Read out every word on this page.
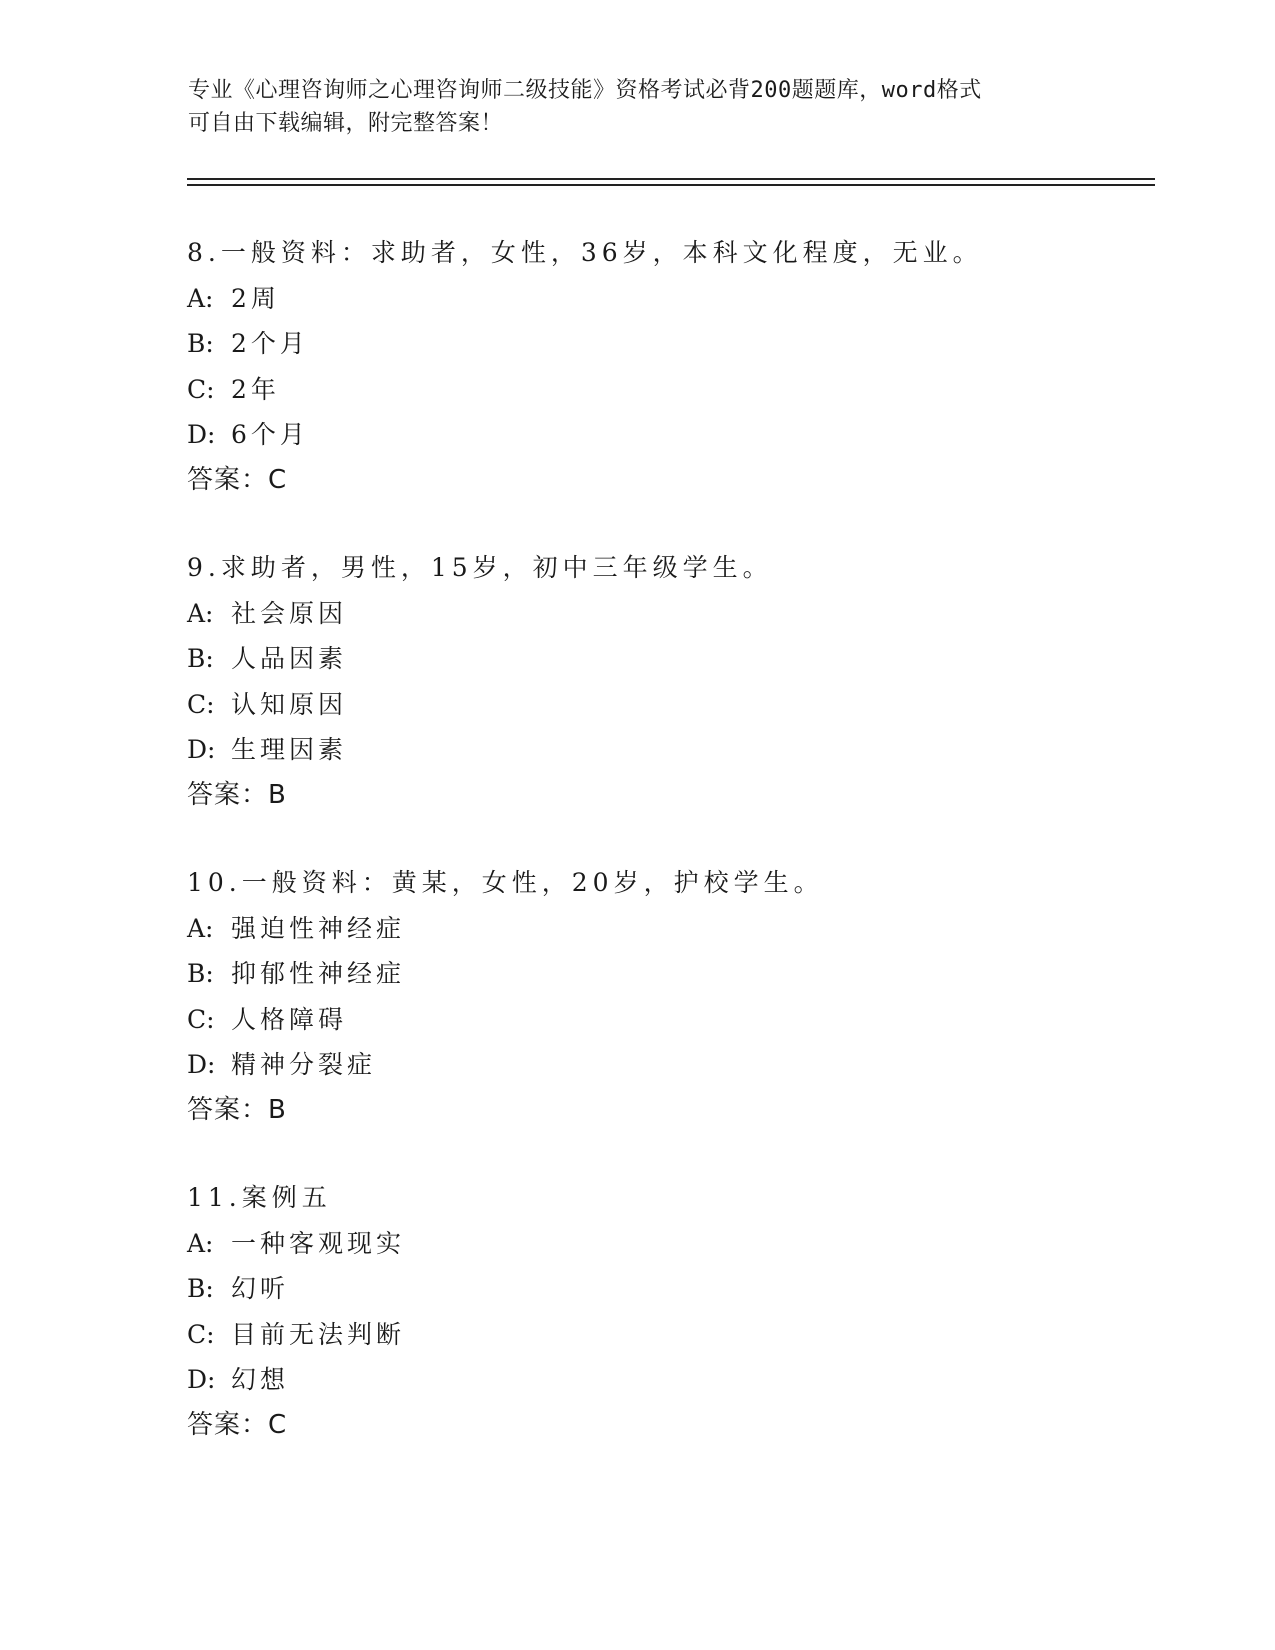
专业《心理咨询师之心理咨询师二级技能》资格考试必背200题题库，word格式
可自由下载编辑，附完整答案！
8.一般资料：求助者，女性，36岁，本科文化程度，无业。
A: 2周
B: 2个月
C: 2年
D: 6个月
答案：C
9.求助者，男性，15岁，初中三年级学生。
A: 社会原因
B: 人品因素
C: 认知原因
D: 生理因素
答案：B
10.一般资料：黄某，女性，20岁，护校学生。
A: 强迫性神经症
B: 抑郁性神经症
C: 人格障碍
D: 精神分裂症
答案：B
11.案例五
A: 一种客观现实
B: 幻听
C: 目前无法判断
D: 幻想
答案：C
